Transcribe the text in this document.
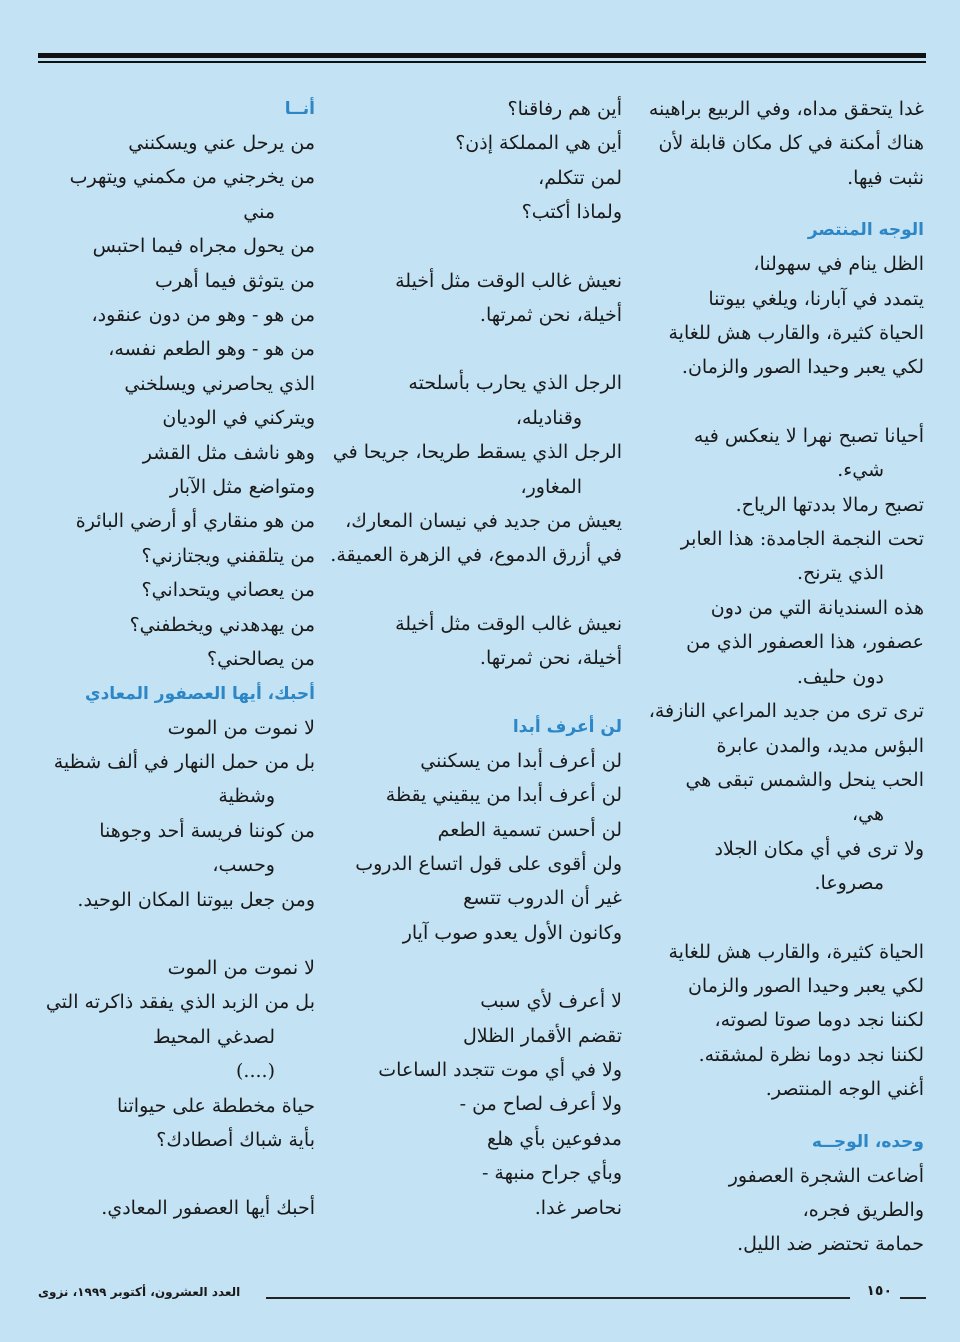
غدا يتحقق مداه، وفي الربيع براهينه
هناك أمكنة في كل مكان قابلة لأن
نثبت فيها.
الوجه المنتصر
الظل ينام في سهولنا،
يتمدد في آبارنا، ويلغي بيوتنا
الحياة كثيرة، والقارب هش للغاية
لكي يعبر وحيدا الصور والزمان.
أحيانا تصبح نهرا لا ينعكس فيه
شيء.
تصبح رمالا بددتها الرياح.
تحت النجمة الجامدة: هذا العابر
الذي يترنح.
هذه السنديانة التي من دون
عصفور، هذا العصفور الذي من
دون حليف.
ترى ترى من جديد المراعي النازفة،
البؤس مديد، والمدن عابرة
الحب ينحل والشمس تبقى هي
هي،
ولا ترى في أي مكان الجلاد
مصروعا.
الحياة كثيرة، والقارب هش للغاية
لكي يعبر وحيدا الصور والزمان
لكننا نجد دوما صوتا لصوته،
لكننا نجد دوما نظرة لمشقته.
أغني الوجه المنتصر.
وحده، الوجــه
أضاعت الشجرة العصفور
والطريق فجره،
حمامة تحتضر ضد الليل.
أين هم رفاقنا؟
أين هي المملكة إذن؟
لمن تتكلم،
ولماذا أكتب؟
نعيش غالب الوقت مثل أخيلة
أخيلة، نحن ثمرتها.
الرجل الذي يحارب بأسلحته
وقناديله،
الرجل الذي يسقط طريحا، جريحا في
المغاور،
يعيش من جديد في نيسان المعارك،
في أزرق الدموع، في الزهرة العميقة.
نعيش غالب الوقت مثل أخيلة
أخيلة، نحن ثمرتها.
لن أعرف أبدا
لن أعرف أبدا من يسكنني
لن أعرف أبدا من يبقيني يقظة
لن أحسن تسمية الطعم
ولن أقوى على قول اتساع الدروب
غير أن الدروب تتسع
وكانون الأول يعدو صوب آيار
لا أعرف لأي سبب
تقضم الأقمار الظلال
ولا في أي موت تتجدد الساعات
ولا أعرف لصاح من -
مدفوعين بأي هلع
وبأي جراح منبهة -
نحاصر غدا.
أنــا
من يرحل عني ويسكنني
من يخرجني من مكمني ويتهرب
مني
من يحول مجراه فيما احتبس
من يتوثق فيما أهرب
من هو - وهو من دون عنقود،
من هو - وهو الطعم نفسه،
الذي يحاصرني ويسلخني
ويتركني في الوديان
وهو ناشف مثل القشر
ومتواضع مثل الآبار
من هو منقاري أو أرضي البائرة
من يتلقفني ويجتازني؟
من يعصاني ويتحداني؟
من يهدهدني ويخطفني؟
من يصالحني؟
أحبك، أيها العصفور المعادي
لا نموت من الموت
بل من حمل النهار في ألف شظية
وشظية
من كوننا فريسة أحد وجوهنا
وحسب،
ومن جعل بيوتنا المكان الوحيد.
لا نموت من الموت
بل من الزبد الذي يفقد ذاكرته التي
لصدغي المحيط
(....)
حياة مخططة على حيواتنا
بأية شباك أصطادك؟
أحبك أيها العصفور المعادي.
العدد العشرون، أكتوبر ١٩٩٩، نزوى	١٥٠
